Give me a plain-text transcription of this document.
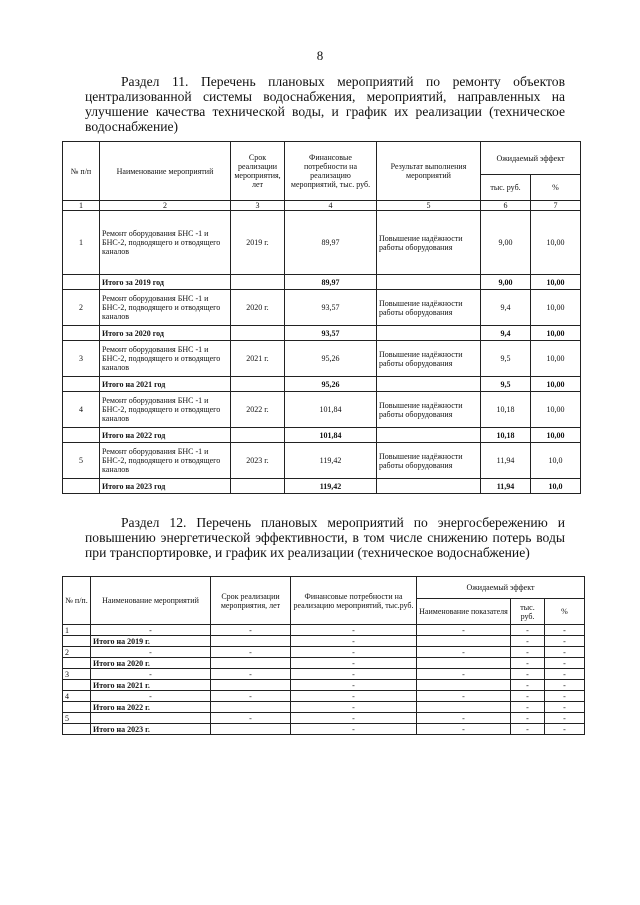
8
Раздел 11. Перечень плановых мероприятий по ремонту объектов централизованной системы водоснабжения, мероприятий, направленных на улучшение качества технической воды, и график их реализации (техническое водоснабжение)
№ п/п	Наименование мероприятий	Срок реализации мероприятия, лет	Финансовые потребности на реализацию мероприятий, тыс. руб.	Результат выполнения мероприятий	Ожидаемый эффект	
					тыс. руб.	%
1	2	3	4	5	6	7
1	Ремонт оборудования БНС -1 и БНС-2, подводящего и отводящего каналов	2019 г.	89,97	Повышение надёжности работы оборудования	9,00	10,00
	Итого за 2019 год		89,97		9,00	10,00
2	Ремонт оборудования БНС -1 и БНС-2, подводящего и отводящего каналов	2020 г.	93,57	Повышение надёжности работы оборудования	9,4	10,00
	Итого за 2020 год		93,57		9,4	10,00
3	Ремонт оборудования БНС -1 и БНС-2, подводящего и отводящего каналов	2021 г.	95,26	Повышение надёжности работы оборудования	9,5	10,00
	Итого на 2021 год		95,26		9,5	10,00
4	Ремонт оборудования БНС -1 и БНС-2, подводящего и отводящего каналов	2022 г.	101,84	Повышение надёжности работы оборудования	10,18	10,00
	Итого на 2022 год		101,84		10,18	10,00
5	Ремонт оборудования БНС -1 и БНС-2, подводящего и отводящего каналов	2023 г.	119,42	Повышение надёжности работы оборудования	11,94	10,0
	Итого на 2023 год		119,42		11,94	10,0
Раздел 12. Перечень плановых мероприятий по энергосбережению и повышению энергетической эффективности, в том числе снижению потерь воды при транспортировке, и график их реализации (техническое водоснабжение)
№ п/п.	Наименование мероприятий	Срок реализации мероприятия, лет	Финансовые потребности на реализацию мероприятий, тыс.руб.	Ожидаемый эффект		
				Наименование показателя	тыс. руб.	%
1	-	-	-	-	-	-
	Итого на 2019 г.		-		-	-
2	-	-	-	-	-	-
	Итого на 2020 г.		-		-	-
3	-	-	-	-	-	-
	Итого на 2021 г.		-		-	-
4	-	-	-	-	-	-
	Итого на 2022 г.		-		-	-
5		-	-	-	-	-
	Итого на 2023 г.		-	-	-	-
